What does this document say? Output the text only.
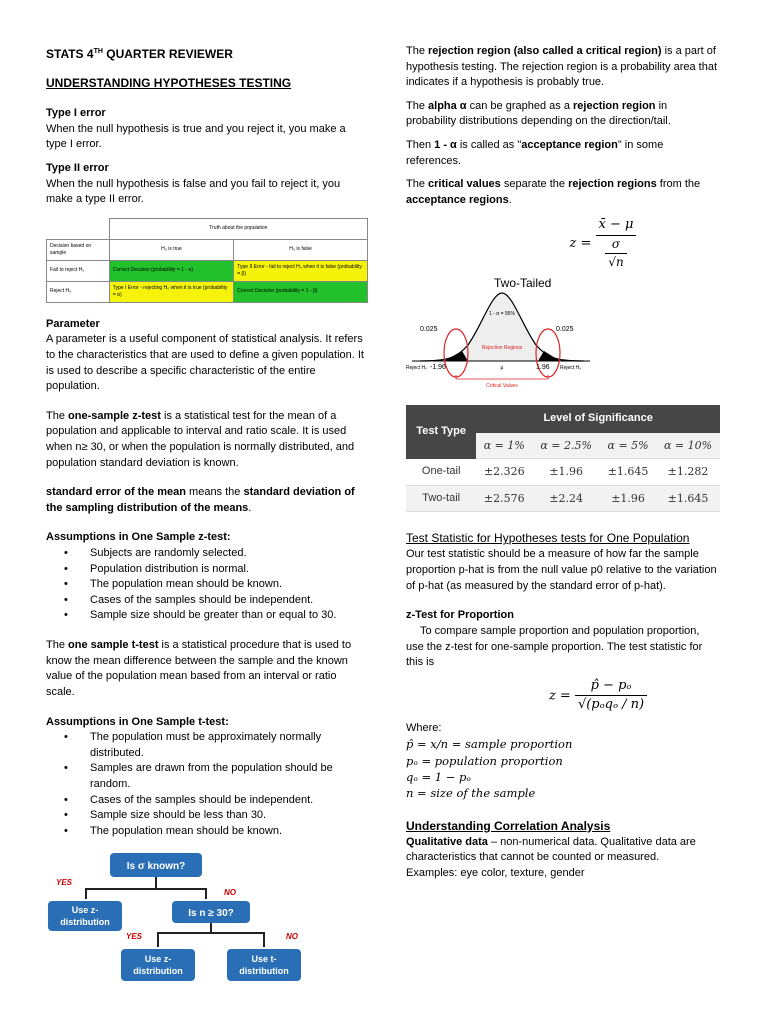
STATS 4TH QUARTER REVIEWER

UNDERSTANDING HYPOTHESES TESTING

Type I error

When the null hypothesis is true and you reject it, you make a type I error.

Type II error

When the null hypothesis is false and you fail to reject it, you make a type II error.

	Truth about the population	
Decision based on sample	H₀ is true	H₀ is false
Fail to reject H₀	Correct Decision (probability = 1 - α)	Type II Error - fail to reject H₀ when it is false (probability = β)
Reject H₀	Type I Error - rejecting H₀ when it is true (probability = α)	Correct Decision (probability = 1 - β)

Parameter

A parameter is a useful component of statistical analysis. It refers to the characteristics that are used to define a given population. It is used to describe a specific characteristic of the entire population.

The one-sample z-test is a statistical test for the mean of a population and applicable to interval and ratio scale. It is used when n≥ 30, or when the population is normally distributed, and population standard deviation is known.

standard error of the mean means the standard deviation of the sampling distribution of the means.

Assumptions in One Sample z-test:

• Subjects are randomly selected.
• Population distribution is normal.
• The population mean should be known.
• Cases of the samples should be independent.
• Sample size should be greater than or equal to 30.

The one sample t-test is a statistical procedure that is used to know the mean difference between the sample and the known value of the population mean based from an interval or ratio scale.

Assumptions in One Sample t-test:

• The population must be approximately normally distributed.
• Samples are drawn from the population should be random.
• Cases of the samples should be independent.
• Sample size should be less than 30.
• The population mean should be known.
Is σ known?
YES
NO
Use z-
distribution
Is n ≥ 30?
YES	NO
Use z-
distribution
Use t-
distribution

The rejection region (also called a critical region) is a part of hypothesis testing. The rejection region is a probability area that indicates if a hypothesis is probably true.

The alpha α can be graphed as a rejection region in probability distributions depending on the direction/tail.

Then 1 - α is called as "acceptance region" in some references.

The critical values separate the rejection regions from the acceptance regions.

$z = \frac{x̄ - \mu}{\frac{\sigma}{√n}}$
Two-Tailed
1 - α = 95%
0.025	0.025
Rejection Regions
Reject H₀ -1.96	μ	1.96 Reject H₀
Critical Values
Test Type	Level of Significance			
	α = 1%	α = 2.5%	α = 5%	α = 10%
One-tail	±2.326	±1.96	±1.645	±1.282
Two-tail	±2.576	±2.24	±1.96	±1.645

Test Statistic for Hypotheses tests for One Population

Our test statistic should be a measure of how far the sample proportion p-hat is from the null value p0 relative to the variation of p-hat (as measured by the standard error of p-hat).

z-Test for Proportion

To compare sample proportion and population proportion, use the z-test for one-sample proportion. The test statistic for this is

$z = \frac{\text{p̂ − pₒ}}{\text{√(pₒqₒ / n)}}$

Where:

p̂ = x/n = sample proportion

pₒ = population proportion

qₒ = 1 − pₒ

n = size of the sample

Understanding Correlation Analysis

Qualitative data – non-numerical data. Qualitative data are characteristics that cannot be counted or measured.

Examples: eye color, texture, gender
